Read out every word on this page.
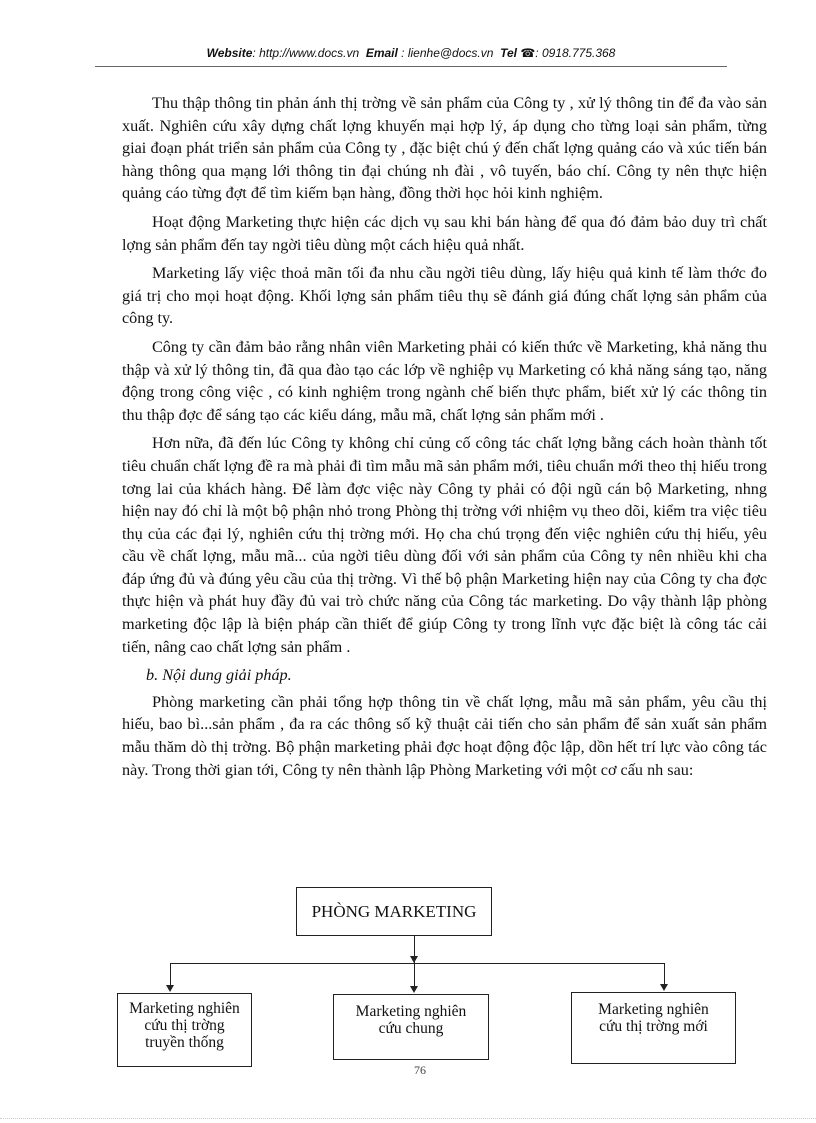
Website: http://www.docs.vn Email : lienhe@docs.vn Tel ☎: 0918.775.368

Thu thập thông tin phản ánh thị trờng về sản phẩm của Công ty , xử lý thông tin để đa vào sản xuất. Nghiên cứu xây dựng chất lợng khuyến mại hợp lý, áp dụng cho từng loại sản phẩm, từng giai đoạn phát triển sản phẩm của Công ty , đặc biệt chú ý đến chất lợng quảng cáo và xúc tiến bán hàng thông qua mạng lới thông tin đại chúng nh đài , vô tuyến, báo chí. Công ty nên thực hiện quảng cáo từng đợt để tìm kiếm bạn hàng, đồng thời học hỏi kinh nghiệm.

Hoạt động Marketing thực hiện các dịch vụ sau khi bán hàng để qua đó đảm bảo duy trì chất lợng sản phẩm đến tay ngời tiêu dùng một cách hiệu quả nhất.

Marketing lấy việc thoả mãn tối đa nhu cầu ngời tiêu dùng, lấy hiệu quả kinh tế làm thớc đo giá trị cho mọi hoạt động. Khối lợng sản phẩm tiêu thụ sẽ đánh giá đúng chất lợng sản phẩm của công ty.

Công ty cần đảm bảo rằng nhân viên Marketing phải có kiến thức về Marketing, khả năng thu thập và xử lý thông tin, đã qua đào tạo các lớp về nghiệp vụ Marketing có khả năng sáng tạo, năng động trong công việc , có kinh nghiệm trong ngành chế biến thực phẩm, biết xử lý các thông tin thu thập đợc để sáng tạo các kiểu dáng, mẫu mã, chất lợng sản phẩm mới .

Hơn nữa, đã đến lúc Công ty không chỉ củng cố công tác chất lợng bằng cách hoàn thành tốt tiêu chuẩn chất lợng đề ra mà phải đi tìm mẫu mã sản phẩm mới, tiêu chuẩn mới theo thị hiếu trong tơng lai của khách hàng. Để làm đợc việc này Công ty phải có đội ngũ cán bộ Marketing, nhng hiện nay đó chỉ là một bộ phận nhỏ trong Phòng thị trờng với nhiệm vụ theo dõi, kiểm tra việc tiêu thụ của các đại lý, nghiên cứu thị trờng mới. Họ cha chú trọng đến việc nghiên cứu thị hiếu, yêu cầu về chất lợng, mẫu mã... của ngời tiêu dùng đối với sản phẩm của Công ty nên nhiều khi cha đáp ứng đủ và đúng yêu cầu của thị trờng. Vì thế bộ phận Marketing hiện nay của Công ty cha đợc thực hiện và phát huy đầy đủ vai trò chức năng của Công tác marketing. Do vậy thành lập phòng marketing độc lập là biện pháp cần thiết để giúp Công ty trong lĩnh vực đặc biệt là công tác cải tiến, nâng cao chất lợng sản phẩm .

b. Nội dung giải pháp.

Phòng marketing cần phải tổng hợp thông tin về chất lợng, mẫu mã sản phẩm, yêu cầu thị hiếu, bao bì...sản phẩm , đa ra các thông số kỹ thuật cải tiến cho sản phẩm để sản xuất sản phẩm mẫu thăm dò thị trờng. Bộ phận marketing phải đợc hoạt động độc lập, dồn hết trí lực vào công tác này. Trong thời gian tới, Công ty nên thành lập Phòng Marketing với một cơ cấu nh sau:

PHÒNG MARKETING
Marketing nghiên
cứu thị trờng
truyền thống
Marketing nghiên
cứu chung
Marketing nghiên
cứu thị trờng mới
76
